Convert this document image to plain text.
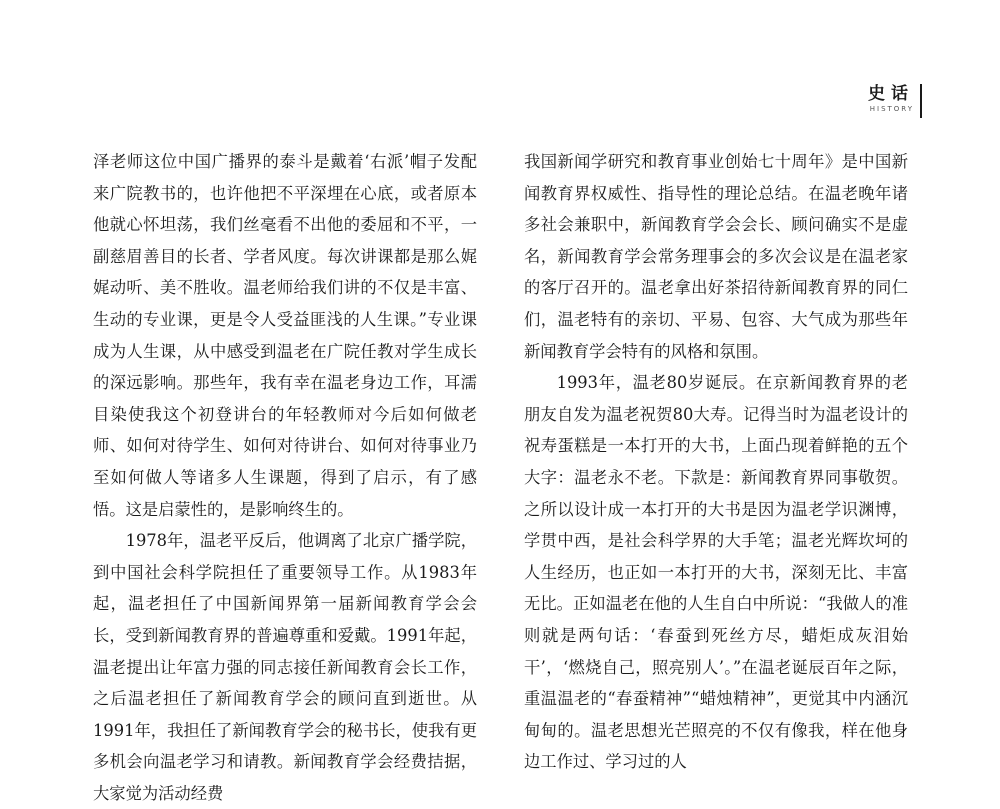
史话
HISTORY

泽老师这位中国广播界的泰斗是戴着‘右派’帽子发配来广院教书的，也许他把不平深埋在心底，或者原本他就心怀坦荡，我们丝毫看不出他的委屈和不平，一副慈眉善目的长者、学者风度。每次讲课都是那么娓娓动听、美不胜收。温老师给我们讲的不仅是丰富、生动的专业课，更是令人受益匪浅的人生课。”专业课成为人生课，从中感受到温老在广院任教对学生成长的深远影响。那些年，我有幸在温老身边工作，耳濡目染使我这个初登讲台的年轻教师对今后如何做老师、如何对待学生、如何对待讲台、如何对待事业乃至如何做人等诸多人生课题，得到了启示，有了感悟。这是启蒙性的，是影响终生的。

1978年，温老平反后，他调离了北京广播学院，到中国社会科学院担任了重要领导工作。从1983年起，温老担任了中国新闻界第一届新闻教育学会会长，受到新闻教育界的普遍尊重和爱戴。1991年起，温老提出让年富力强的同志接任新闻教育会长工作，之后温老担任了新闻教育学会的顾问直到逝世。从1991年，我担任了新闻教育学会的秘书长，使我有更多机会向温老学习和请教。新闻教育学会经费拮据，大家觉为活动经费

我国新闻学研究和教育事业创始七十周年》是中国新闻教育界权威性、指导性的理论总结。在温老晚年诸多社会兼职中，新闻教育学会会长、顾问确实不是虚名，新闻教育学会常务理事会的多次会议是在温老家的客厅召开的。温老拿出好茶招待新闻教育界的同仁们，温老特有的亲切、平易、包容、大气成为那些年新闻教育学会特有的风格和氛围。

1993年，温老80岁诞辰。在京新闻教育界的老朋友自发为温老祝贺80大寿。记得当时为温老设计的祝寿蛋糕是一本打开的大书，上面凸现着鲜艳的五个大字：温老永不老。下款是：新闻教育界同事敬贺。之所以设计成一本打开的大书是因为温老学识渊博，学贯中西，是社会科学界的大手笔；温老光辉坎坷的人生经历，也正如一本打开的大书，深刻无比、丰富无比。正如温老在他的人生自白中所说：“我做人的准则就是两句话：‘春蚕到死丝方尽，蜡炬成灰泪始干’，‘燃烧自己，照亮别人’。”在温老诞辰百年之际，重温温老的“春蚕精神”“蜡烛精神”，更觉其中内涵沉甸甸的。温老思想光芒照亮的不仅有像我，样在他身边工作过、学习过的人
